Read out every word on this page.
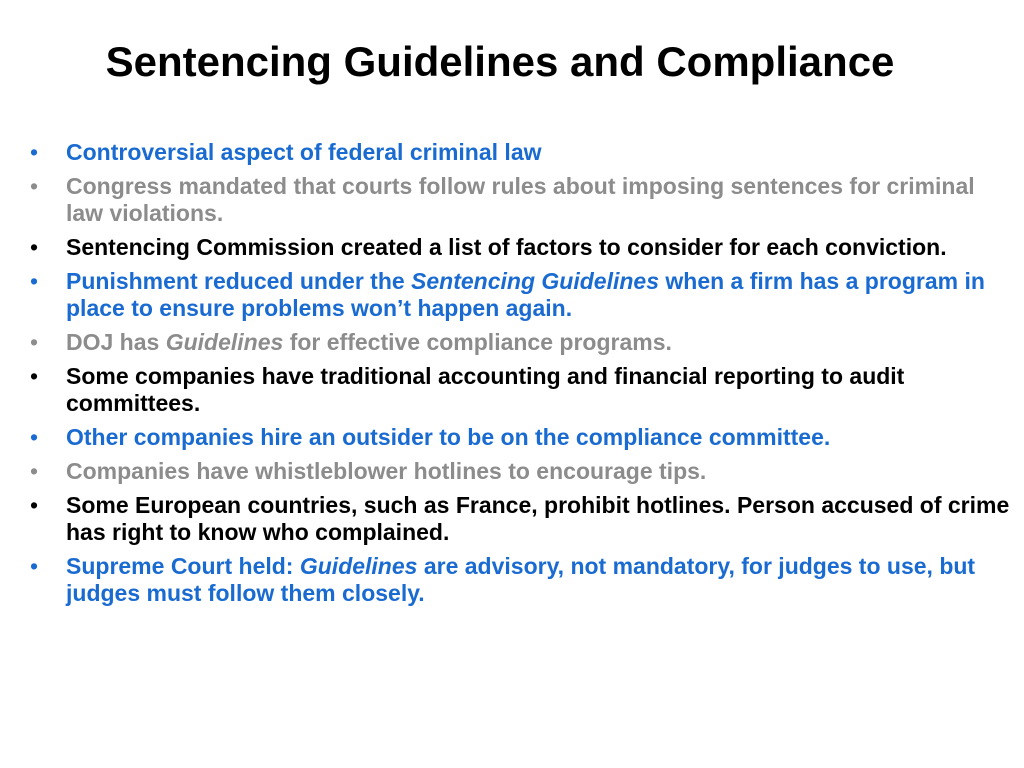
Sentencing Guidelines and Compliance
•	Controversial aspect of federal criminal law
•	Congress mandated that courts follow rules about imposing sentences for criminal law violations.
•	Sentencing Commission created a list of factors to consider for each conviction.
•	Punishment reduced under the Sentencing Guidelines when a firm has a program in place to ensure problems won’t happen again.
•	DOJ has Guidelines for effective compliance programs.
•	Some companies have traditional accounting and financial reporting to audit committees.
•	Other companies hire an outsider to be on the compliance committee.
•	Companies have whistleblower hotlines to encourage tips.
•	Some European countries, such as France, prohibit hotlines. Person accused of crime has right to know who complained.
•	Supreme Court held: Guidelines are advisory, not mandatory, for judges to use, but judges must follow them closely.
